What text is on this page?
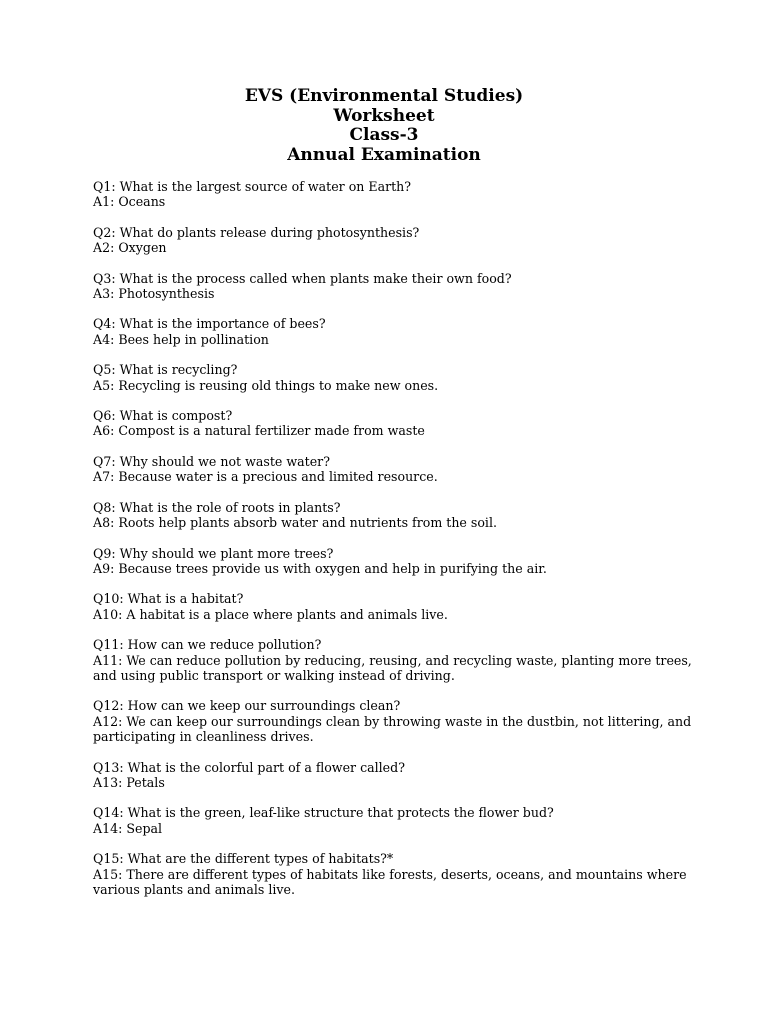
EVS (Environmental Studies)
Worksheet
Class-3
Annual Examination
Q1: What is the largest source of water on Earth?
A1: Oceans
Q2: What do plants release during photosynthesis?
A2: Oxygen
Q3: What is the process called when plants make their own food?
A3: Photosynthesis
Q4: What is the importance of bees?
A4: Bees help in pollination
Q5: What is recycling?
A5: Recycling is reusing old things to make new ones.
Q6: What is compost?
A6: Compost is a natural fertilizer made from waste
Q7: Why should we not waste water?
A7: Because water is a precious and limited resource.
Q8: What is the role of roots in plants?
A8: Roots help plants absorb water and nutrients from the soil.
Q9: Why should we plant more trees?
A9: Because trees provide us with oxygen and help in purifying the air.
Q10: What is a habitat?
A10: A habitat is a place where plants and animals live.
Q11: How can we reduce pollution?
A11: We can reduce pollution by reducing, reusing, and recycling waste, planting more trees, and using public transport or walking instead of driving.
Q12: How can we keep our surroundings clean?
A12: We can keep our surroundings clean by throwing waste in the dustbin, not littering, and participating in cleanliness drives.
Q13: What is the colorful part of a flower called?
A13: Petals
Q14: What is the green, leaf-like structure that protects the flower bud?
A14: Sepal
Q15: What are the different types of habitats?*
A15: There are different types of habitats like forests, deserts, oceans, and mountains where various plants and animals live.
